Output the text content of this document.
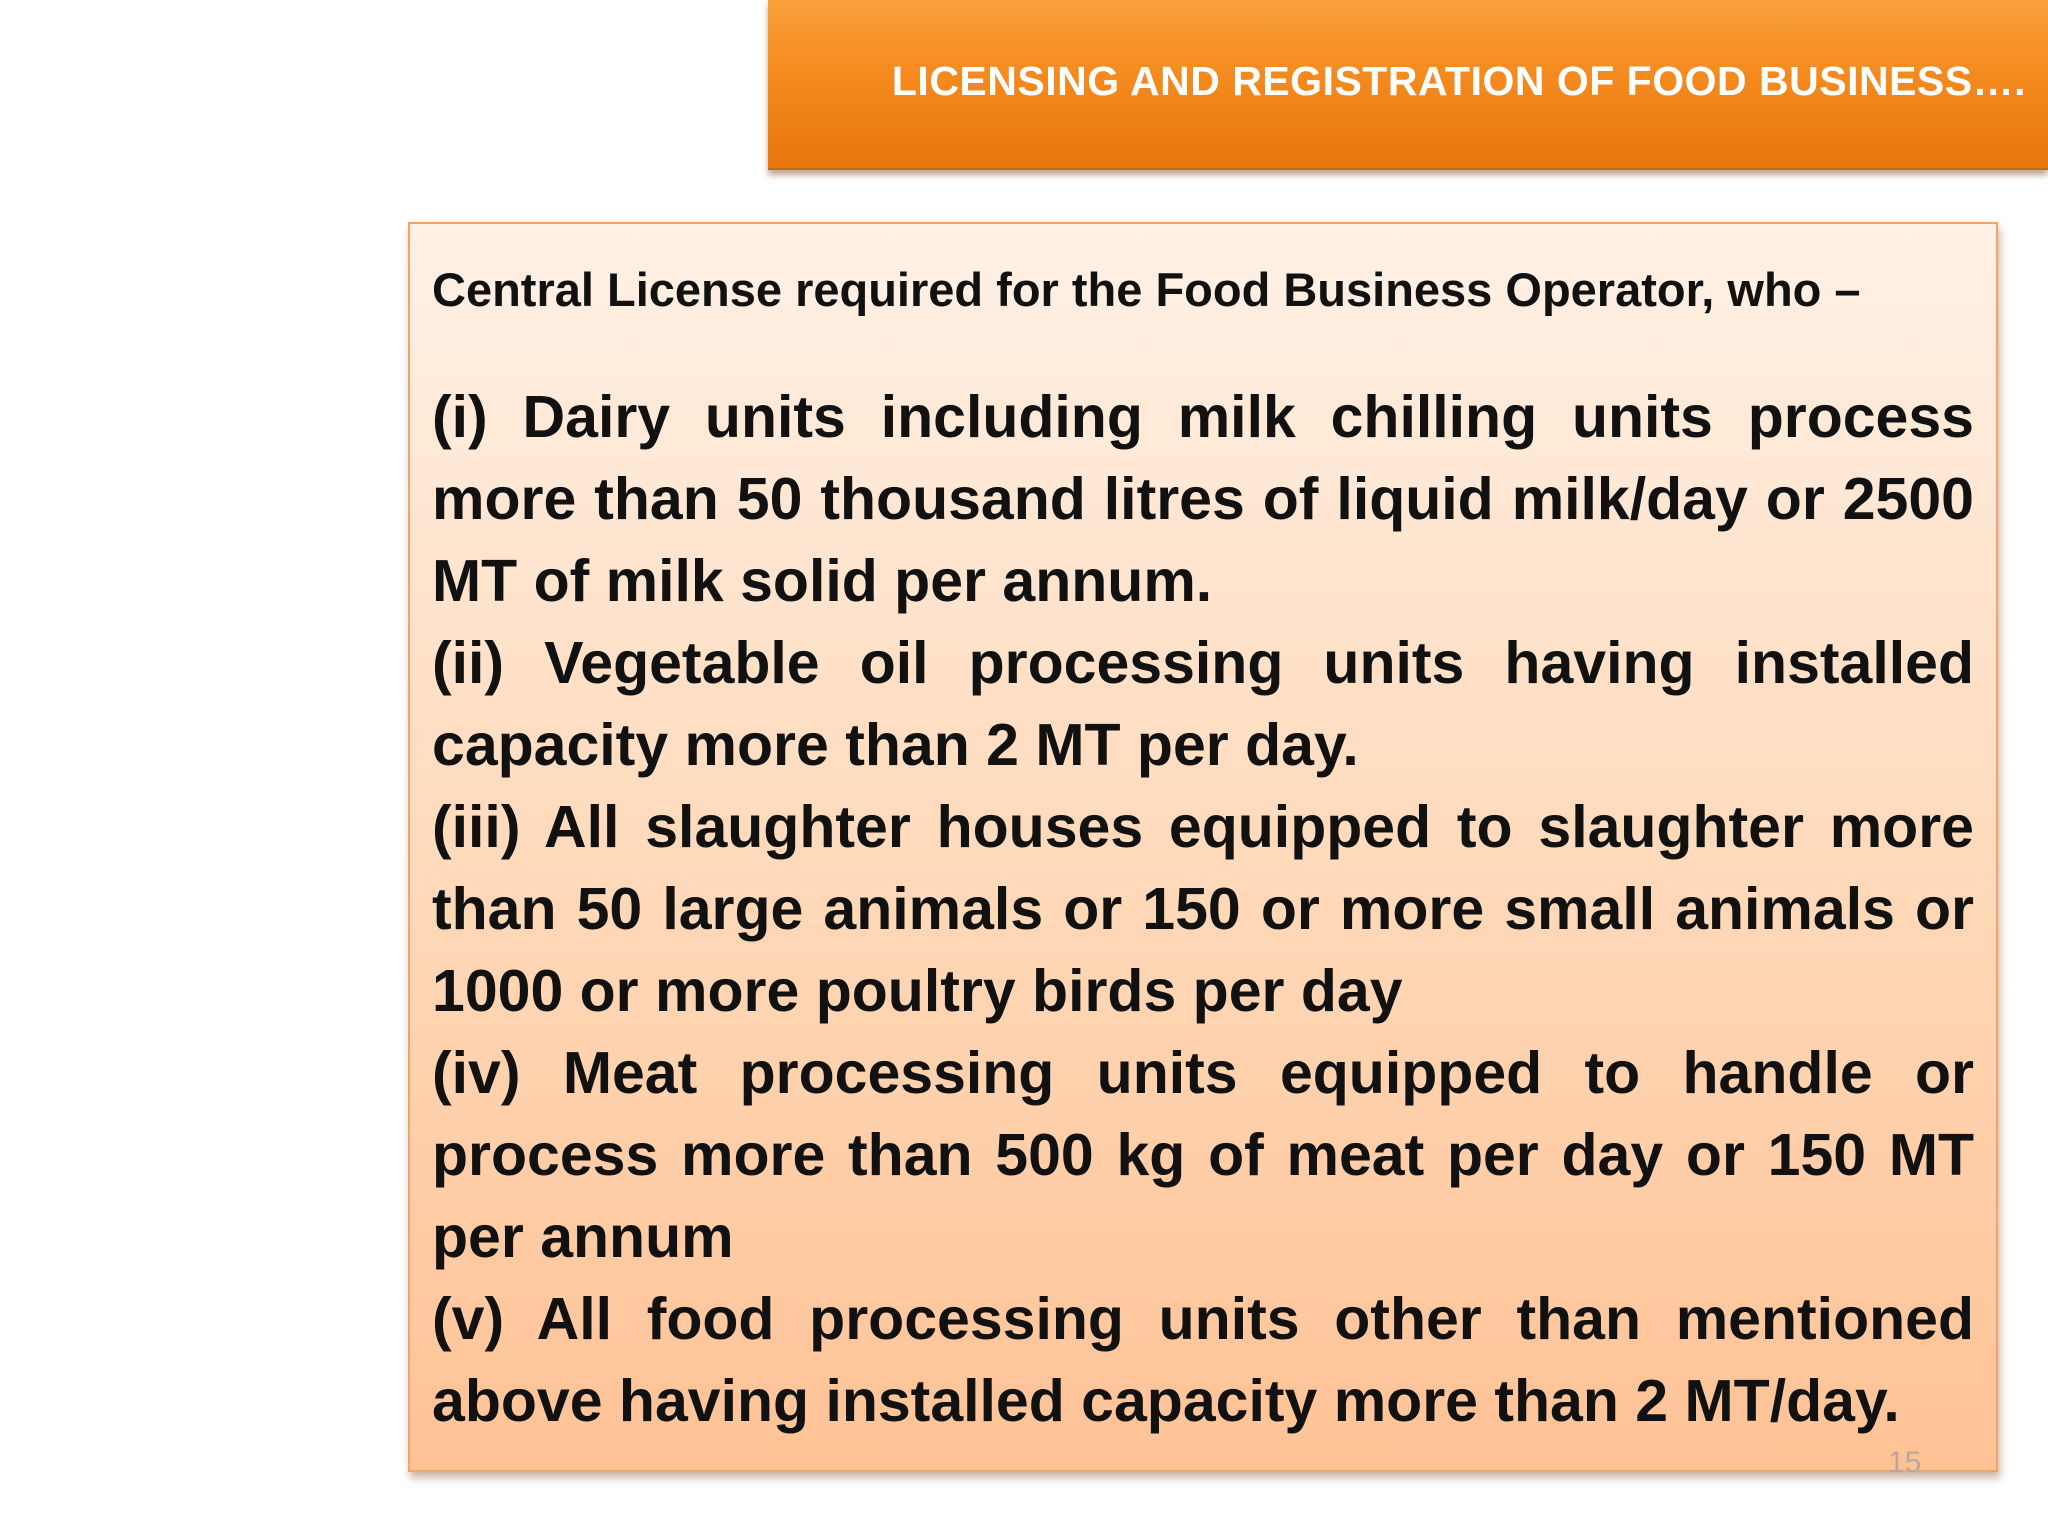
LICENSING AND REGISTRATION OF FOOD BUSINESS….
Central License required for the Food Business Operator, who –

(i) Dairy units including milk chilling units process more than 50 thousand litres of liquid milk/day or 2500 MT of milk solid per annum.

(ii) Vegetable oil processing units having installed capacity more than 2 MT per day.

(iii) All slaughter houses equipped to slaughter more than 50 large animals or 150 or more small animals or 1000 or more poultry birds per day

(iv) Meat processing units equipped to handle or process more than 500 kg of meat per day or 150 MT per annum

(v) All food processing units other than mentioned above having installed capacity more than 2 MT/day.

15
